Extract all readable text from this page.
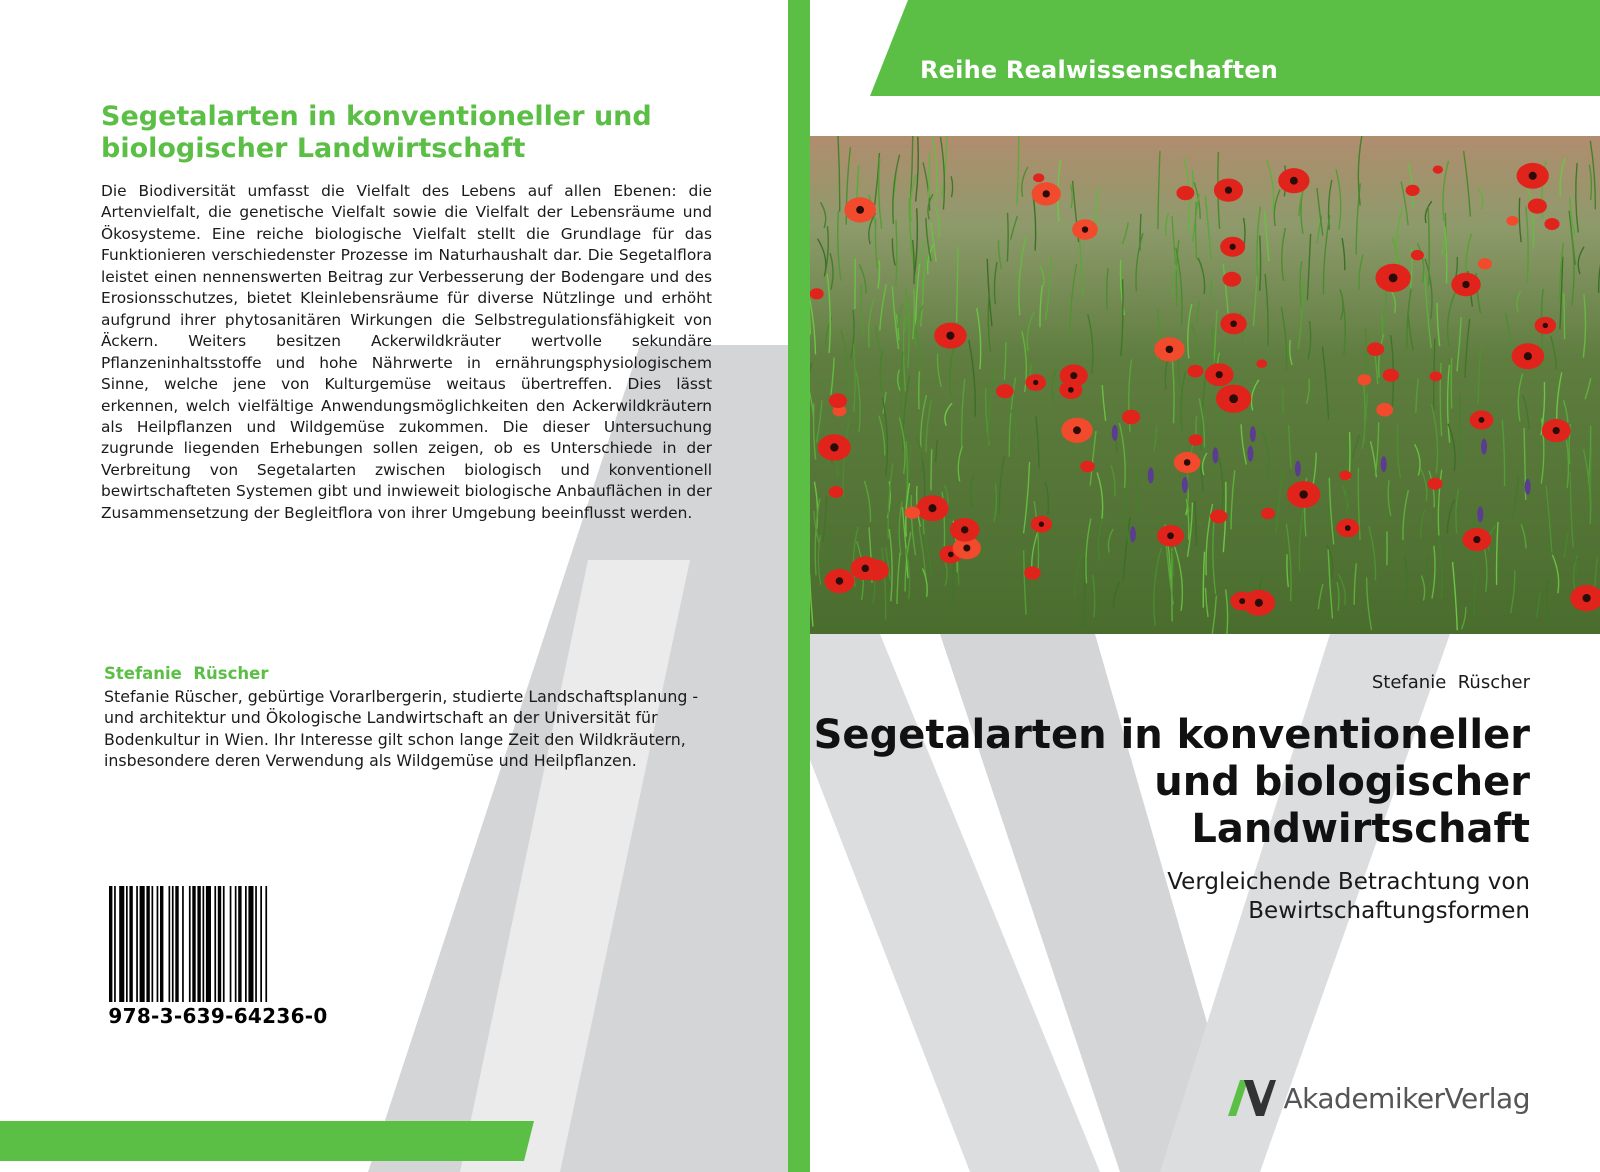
Segetalarten in konventioneller und biologischer Landwirtschaft

Die Biodiversität umfasst die Vielfalt des Lebens auf allen Ebenen: die Artenvielfalt, die genetische Vielfalt sowie die Vielfalt der Lebensräume und Ökosysteme. Eine reiche biologische Vielfalt stellt die Grundlage für das Funktionieren verschiedenster Prozesse im Naturhaushalt dar. Die Segetalflora leistet einen nennenswerten Beitrag zur Verbesserung der Bodengare und des Erosionsschutzes, bietet Kleinlebensräume für diverse Nützlinge und erhöht aufgrund ihrer phytosanitären Wirkungen die Selbstregulationsfähigkeit von Äckern. Weiters besitzen Ackerwildkräuter wertvolle sekundäre Pflanzeninhaltsstoffe und hohe Nährwerte in ernährungsphysiologischem Sinne, welche jene von Kulturgemüse weitaus übertreffen. Dies lässt erkennen, welch vielfältige Anwendungsmöglichkeiten den Ackerwildkräutern als Heilpflanzen und Wildgemüse zukommen. Die dieser Untersuchung zugrunde liegenden Erhebungen sollen zeigen, ob es Unterschiede in der Verbreitung von Segetalarten zwischen biologisch und konventionell bewirtschafteten Systemen gibt und inwieweit biologische Anbauflächen in der Zusammensetzung der Begleitflora von ihrer Umgebung beeinflusst werden.

Stefanie  Rüscher

Stefanie Rüscher, gebürtige Vorarlbergerin, studierte Landschaftsplanung -und architektur und Ökologische Landwirtschaft an der Universität für Bodenkultur in Wien. Ihr Interesse gilt schon lange Zeit den Wildkräutern, insbesondere deren Verwendung als Wildgemüse und Heilpflanzen.

978-3-639-64236-0
Reihe Realwissenschaften
Stefanie  Rüscher
Segetalarten in konventioneller und biologischer Landwirtschaft

Vergleichende Betrachtung von Bewirtschaftungsformen

AkademikerVerlag
